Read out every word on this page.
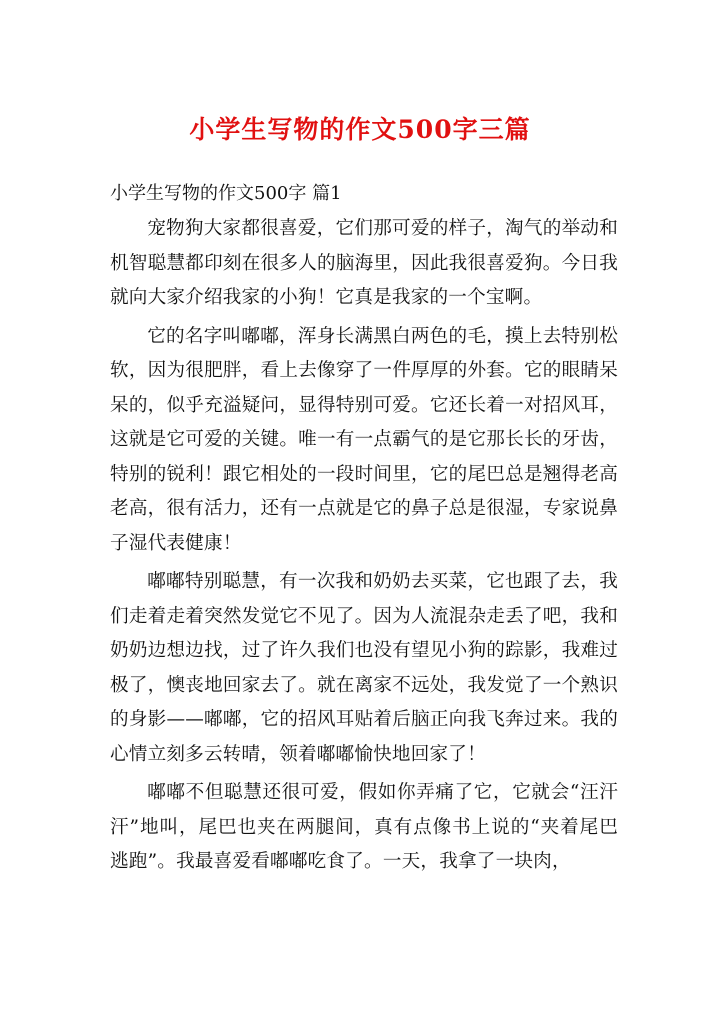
小学生写物的作文500字三篇

小学生写物的作文500字 篇1

宠物狗大家都很喜爱，它们那可爱的样子，淘气的举动和机智聪慧都印刻在很多人的脑海里，因此我很喜爱狗。今日我就向大家介绍我家的小狗！它真是我家的一个宝啊。

它的名字叫嘟嘟，浑身长满黑白两色的毛，摸上去特别松软，因为很肥胖，看上去像穿了一件厚厚的外套。它的眼睛呆呆的，似乎充溢疑问，显得特别可爱。它还长着一对招风耳，这就是它可爱的关键。唯一有一点霸气的是它那长长的牙齿，特别的锐利！跟它相处的一段时间里，它的尾巴总是翘得老高老高，很有活力，还有一点就是它的鼻子总是很湿，专家说鼻子湿代表健康！

嘟嘟特别聪慧，有一次我和奶奶去买菜，它也跟了去，我们走着走着突然发觉它不见了。因为人流混杂走丢了吧，我和奶奶边想边找，过了许久我们也没有望见小狗的踪影，我难过极了，懊丧地回家去了。就在离家不远处，我发觉了一个熟识的身影——嘟嘟，它的招风耳贴着后脑正向我飞奔过来。我的心情立刻多云转晴，领着嘟嘟愉快地回家了！

嘟嘟不但聪慧还很可爱，假如你弄痛了它，它就会“汪汗汗”地叫，尾巴也夹在两腿间，真有点像书上说的“夹着尾巴逃跑”。我最喜爱看嘟嘟吃食了。一天，我拿了一块肉，
